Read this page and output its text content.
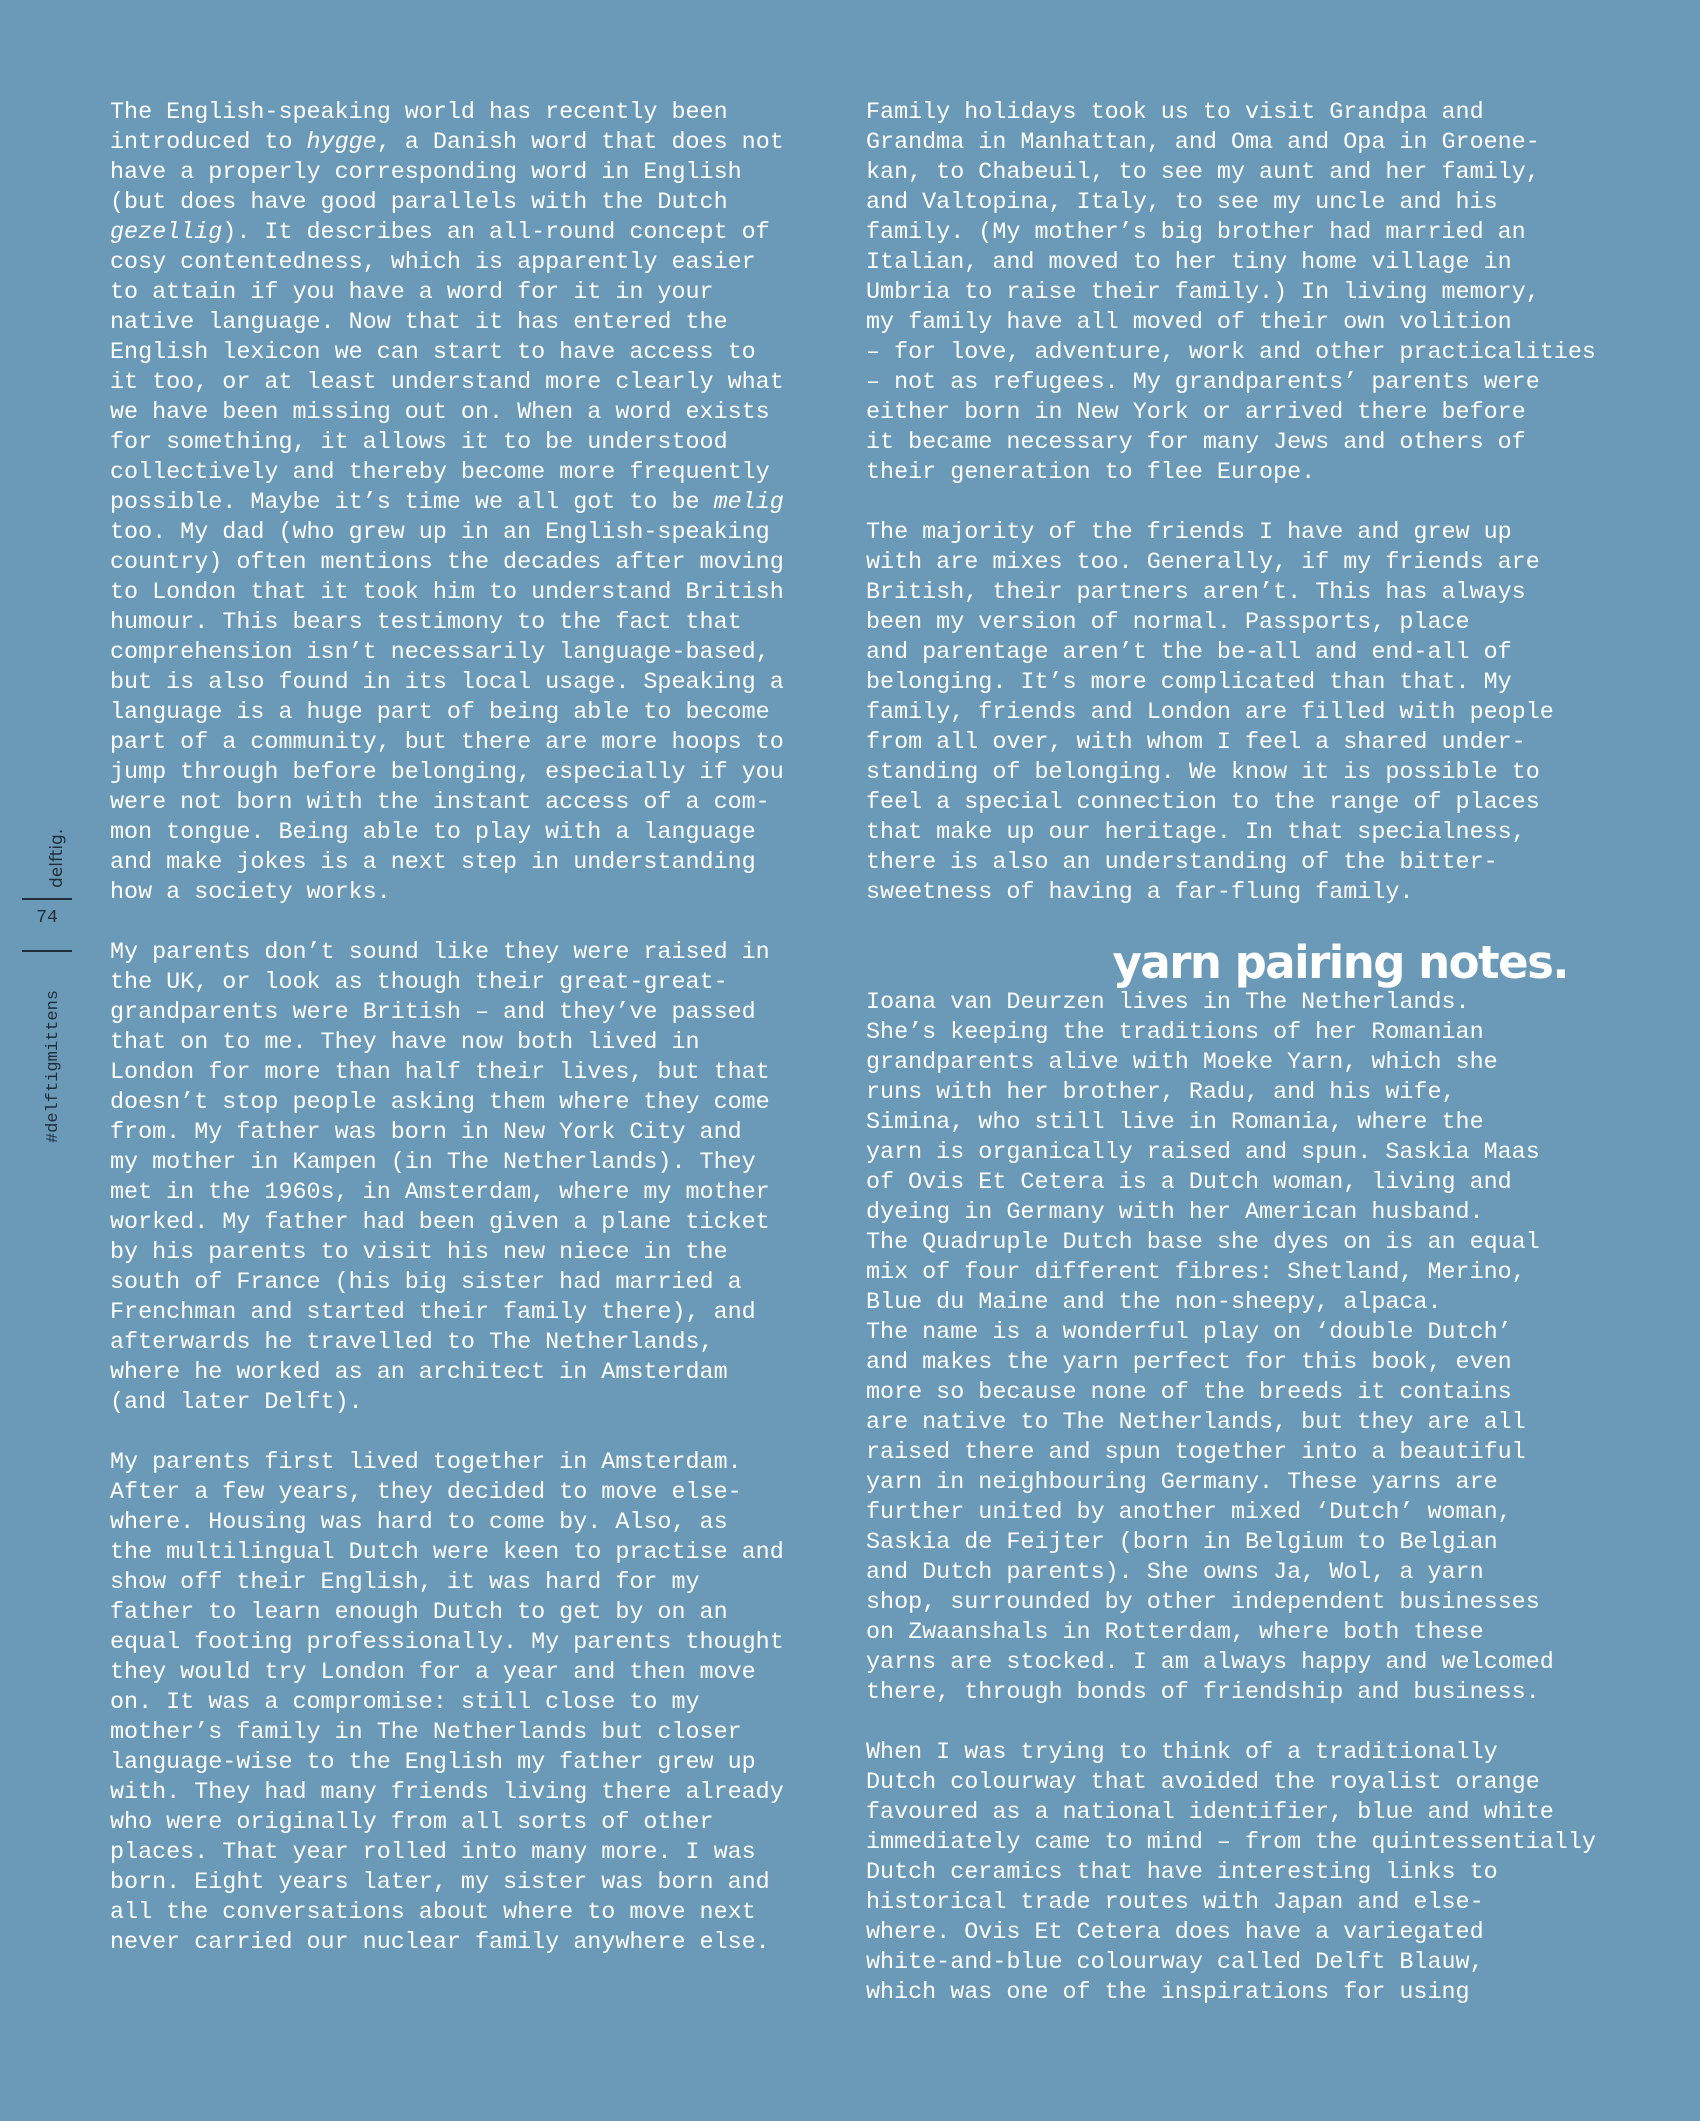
delftig.
74
#delftigmittens

The English-speaking world has recently been
introduced to hygge, a Danish word that does not
have a properly corresponding word in English
(but does have good parallels with the Dutch
gezellig). It describes an all-round concept of
cosy contentedness, which is apparently easier
to attain if you have a word for it in your
native language. Now that it has entered the
English lexicon we can start to have access to
it too, or at least understand more clearly what
we have been missing out on. When a word exists
for something, it allows it to be understood
collectively and thereby become more frequently
possible. Maybe it’s time we all got to be melig
too. My dad (who grew up in an English-speaking
country) often mentions the decades after moving
to London that it took him to understand British
humour. This bears testimony to the fact that
comprehension isn’t necessarily language-based,
but is also found in its local usage. Speaking a
language is a huge part of being able to become
part of a community, but there are more hoops to
jump through before belonging, especially if you
were not born with the instant access of a com-
mon tongue. Being able to play with a language
and make jokes is a next step in understanding
how a society works.

My parents don’t sound like they were raised in
the UK, or look as though their great-great-
grandparents were British – and they’ve passed
that on to me. They have now both lived in
London for more than half their lives, but that
doesn’t stop people asking them where they come
from. My father was born in New York City and
my mother in Kampen (in The Netherlands). They
met in the 1960s, in Amsterdam, where my mother
worked. My father had been given a plane ticket
by his parents to visit his new niece in the
south of France (his big sister had married a
Frenchman and started their family there), and
afterwards he travelled to The Netherlands,
where he worked as an architect in Amsterdam
(and later Delft).

My parents first lived together in Amsterdam.
After a few years, they decided to move else-
where. Housing was hard to come by. Also, as
the multilingual Dutch were keen to practise and
show off their English, it was hard for my
father to learn enough Dutch to get by on an
equal footing professionally. My parents thought
they would try London for a year and then move
on. It was a compromise: still close to my
mother’s family in The Netherlands but closer
language-wise to the English my father grew up
with. They had many friends living there already
who were originally from all sorts of other
places. That year rolled into many more. I was
born. Eight years later, my sister was born and
all the conversations about where to move next
never carried our nuclear family anywhere else.

Family holidays took us to visit Grandpa and
Grandma in Manhattan, and Oma and Opa in Groene-
kan, to Chabeuil, to see my aunt and her family,
and Valtopina, Italy, to see my uncle and his
family. (My mother’s big brother had married an
Italian, and moved to her tiny home village in
Umbria to raise their family.) In living memory,
my family have all moved of their own volition
– for love, adventure, work and other practicalities
– not as refugees. My grandparents’ parents were
either born in New York or arrived there before
it became necessary for many Jews and others of
their generation to flee Europe.

The majority of the friends I have and grew up
with are mixes too. Generally, if my friends are
British, their partners aren’t. This has always
been my version of normal. Passports, place
and parentage aren’t the be-all and end-all of
belonging. It’s more complicated than that. My
family, friends and London are filled with people
from all over, with whom I feel a shared under-
standing of belonging. We know it is possible to
feel a special connection to the range of places
that make up our heritage. In that specialness,
there is also an understanding of the bitter-
sweetness of having a far-flung family.

yarn pairing notes.

Ioana van Deurzen lives in The Netherlands.
She’s keeping the traditions of her Romanian
grandparents alive with Moeke Yarn, which she
runs with her brother, Radu, and his wife,
Simina, who still live in Romania, where the
yarn is organically raised and spun. Saskia Maas
of Ovis Et Cetera is a Dutch woman, living and
dyeing in Germany with her American husband.
The Quadruple Dutch base she dyes on is an equal
mix of four different fibres: Shetland, Merino,
Blue du Maine and the non-sheepy, alpaca.
The name is a wonderful play on ‘double Dutch’
and makes the yarn perfect for this book, even
more so because none of the breeds it contains
are native to The Netherlands, but they are all
raised there and spun together into a beautiful
yarn in neighbouring Germany. These yarns are
further united by another mixed ‘Dutch’ woman,
Saskia de Feijter (born in Belgium to Belgian
and Dutch parents). She owns Ja, Wol, a yarn
shop, surrounded by other independent businesses
on Zwaanshals in Rotterdam, where both these
yarns are stocked. I am always happy and welcomed
there, through bonds of friendship and business.

When I was trying to think of a traditionally
Dutch colourway that avoided the royalist orange
favoured as a national identifier, blue and white
immediately came to mind – from the quintessentially
Dutch ceramics that have interesting links to
historical trade routes with Japan and else-
where. Ovis Et Cetera does have a variegated
white-and-blue colourway called Delft Blauw,
which was one of the inspirations for using
